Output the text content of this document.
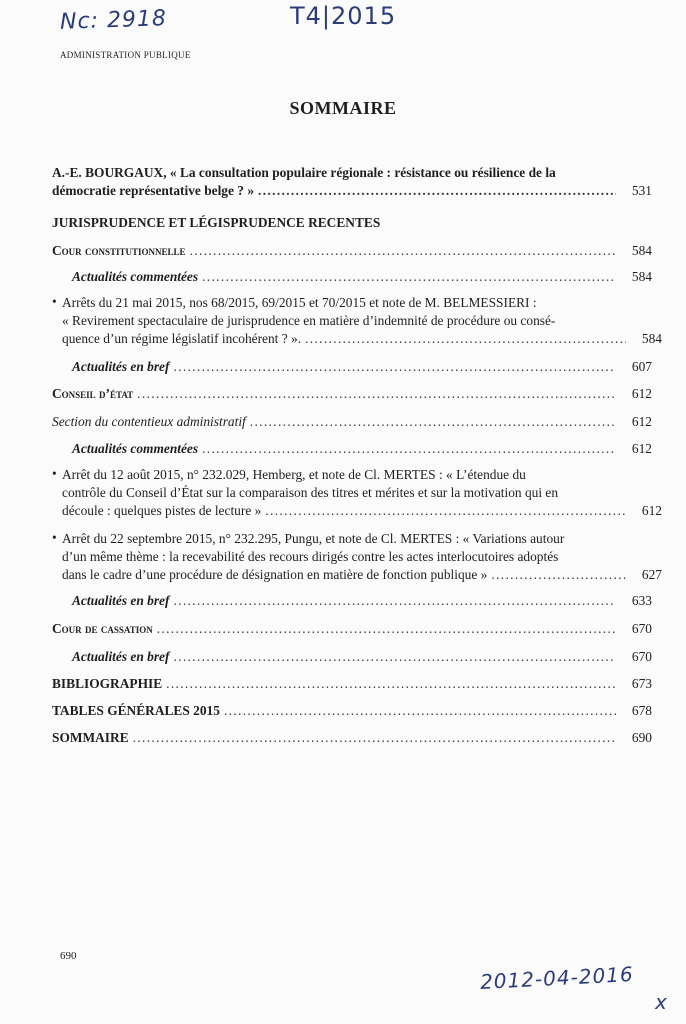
Nc: 2918	T4|2015
ADMINISTRATION PUBLIQUE
SOMMAIRE
A.-E. BOURGAUX, « La consultation populaire régionale : résistance ou résilience de la
démocratie représentative belge ? » . . .	531
JURISPRUDENCE ET LÉGISPRUDENCE RECENTES
Cour constitutionnelle . . .	584
Actualités commentées . . .	584
• Arrêts du 21 mai 2015, nos 68/2015, 69/2015 et 70/2015 et note de M. BELMESSIERI :
« Revirement spectaculaire de jurisprudence en matière d’indemnité de procédure ou consé-
quence d’un régime législatif incohérent ? ». . . .	584
Actualités en bref . . .	607
Conseil d’état . . .	612
Section du contentieux administratif . . .	612
Actualités commentées . . .	612
• Arrêt du 12 août 2015, n° 232.029, Hemberg, et note de Cl. MERTES : « L’étendue du
contrôle du Conseil d’État sur la comparaison des titres et mérites et sur la motivation qui en
découle : quelques pistes de lecture » . . .	612
• Arrêt du 22 septembre 2015, n° 232.295, Pungu, et note de Cl. MERTES : « Variations autour
d’un même thème : la recevabilité des recours dirigés contre les actes interlocutoires adoptés
dans le cadre d’une procédure de désignation en matière de fonction publique » . . .	627
Actualités en bref . . .	633
Cour de cassation . . .	670
Actualités en bref . . .	670
BIBLIOGRAPHIE . . .	673
TABLES GÉNÉRALES 2015 . . .	678
SOMMAIRE . . .	690
690
2012-04-2016
x
